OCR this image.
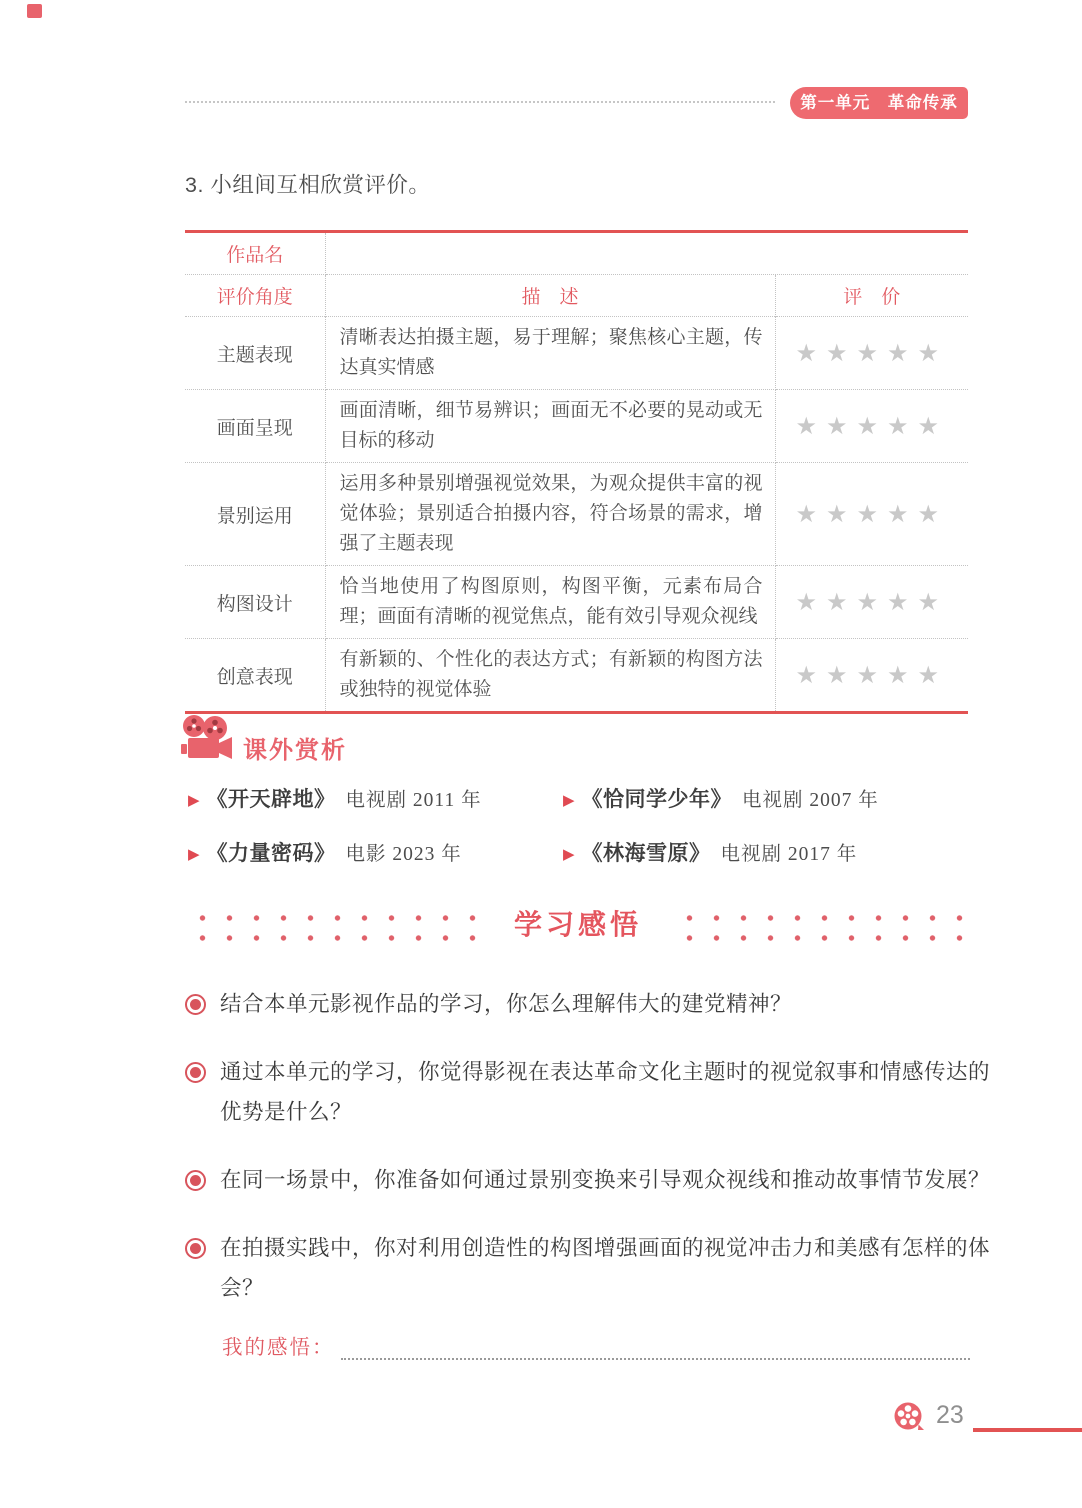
第一单元　革命传承
3. 小组间互相欣赏评价。
作品名		
评价角度	描　述	评　价
主题表现	清晰表达拍摄主题，易于理解；聚焦核心主题，传达真实情感	★★★★★
画面呈现	画面清晰，细节易辨识；画面无不必要的晃动或无目标的移动	★★★★★
景别运用	运用多种景别增强视觉效果，为观众提供丰富的视觉体验；景别适合拍摄内容，符合场景的需求，增强了主题表现	★★★★★
构图设计	恰当地使用了构图原则，构图平衡，元素布局合理；画面有清晰的视觉焦点，能有效引导观众视线	★★★★★
创意表现	有新颖的、个性化的表达方式；有新颖的构图方法或独特的视觉体验	★★★★★
课外赏析
▶ 《开天辟地》 电视剧 2011 年	▶ 《恰同学少年》 电视剧 2007 年
▶ 《力量密码》 电影 2023 年	▶ 《林海雪原》 电视剧 2017 年
学习感悟
结合本单元影视作品的学习，你怎么理解伟大的建党精神？
通过本单元的学习，你觉得影视在表达革命文化主题时的视觉叙事和情感传达的优势是什么？
在同一场景中，你准备如何通过景别变换来引导观众视线和推动故事情节发展？
在拍摄实践中，你对利用创造性的构图增强画面的视觉冲击力和美感有怎样的体会？
我的感悟：
23
